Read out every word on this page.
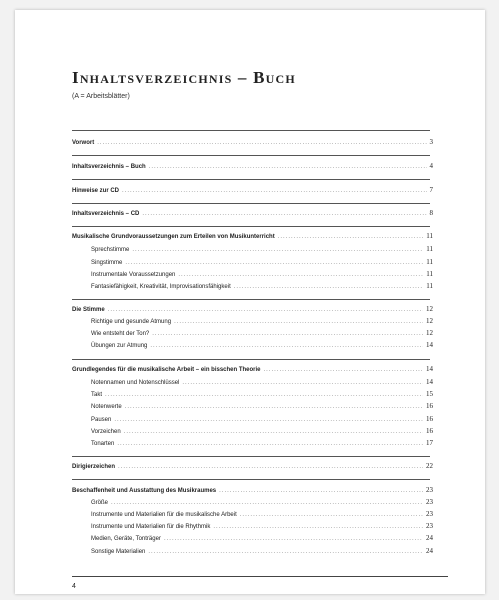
Inhaltsverzeichnis – Buch
(A = Arbeitsblätter)
Vorwort .....	3
Inhaltsverzeichnis – Buch .....	4
Hinweise zur CD .....	7
Inhaltsverzeichnis – CD .....	8
Musikalische Grundvoraussetzungen zum Erteilen von Musikunterricht .....	11
Sprechstimme .....	11
Singstimme .....	11
Instrumentale Voraussetzungen .....	11
Fantasiefähigkeit, Kreativität, Improvisationsfähigkeit .....	11
Die Stimme .....	12
Richtige und gesunde Atmung .....	12
Wie entsteht der Ton? .....	12
Übungen zur Atmung .....	14
Grundlegendes für die musikalische Arbeit – ein bisschen Theorie .....	14
Notennamen und Notenschlüssel .....	14
Takt .....	15
Notenwerte .....	16
Pausen .....	16
Vorzeichen .....	16
Tonarten .....	17
Dirigierzeichen .....	22
Beschaffenheit und Ausstattung des Musikraumes .....	23
Größe .....	23
Instrumente und Materialien für die musikalische Arbeit .....	23
Instrumente und Materialien für die Rhythmik .....	23
Medien, Geräte, Tonträger .....	24
Sonstige Materialien .....	24
4
